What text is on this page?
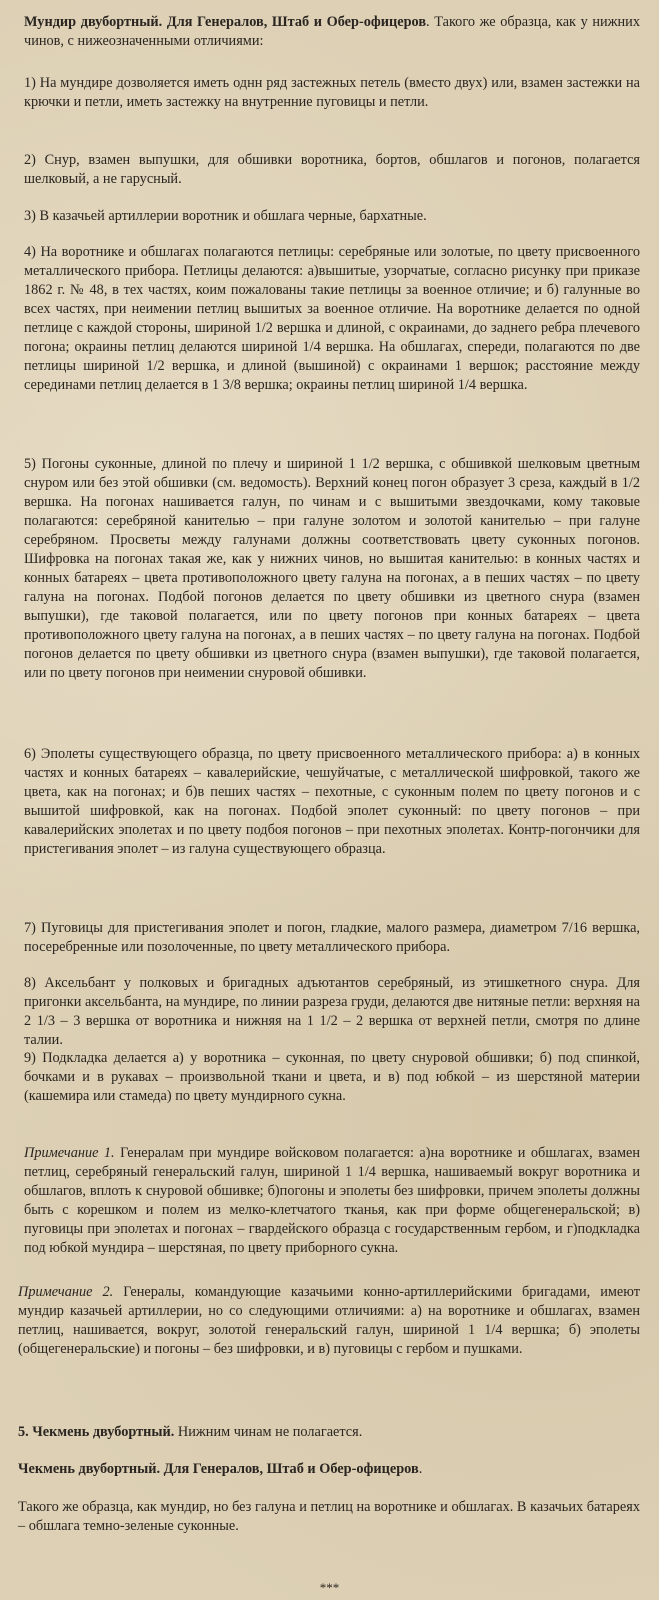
Мундир двубортный. Для Генералов, Штаб и Обер-офицеров. Такого же образца, как у нижних чинов, с нижеозначенными отличиями:
1) На мундире дозволяется иметь однн ряд застежных петель (вместо двух) или, взамен застежки на крючки и петли, иметь застежку на внутренние пуговицы и петли.
2) Снур, взамен выпушки, для обшивки воротника, бортов, обшлагов и погонов, полагается шелковый, а не гарусный.
3) В казачьей артиллерии воротник и обшлага черные, бархатные.
4) На воротнике и обшлагах полагаются петлицы: серебряные или золотые, по цвету присвоенного металлического прибора. Петлицы делаются: а)вышитые, узорчатые, согласно рисунку при приказе 1862 г. № 48, в тех частях, коим пожалованы такие петлицы за военное отличие; и б) галунные во всех частях, при неимении петлиц вышитых за военное отличие. На воротнике делается по одной петлице с каждой стороны, шириной 1/2 вершка и длиной, с окраинами, до заднего ребра плечевого погона; окраины петлиц делаются шириной 1/4 вершка. На обшлагах, спереди, полагаются по две петлицы шириной 1/2 вершка, и длиной (вышиной) с окраинами 1 вершок; расстояние между серединами петлиц делается в 1 3/8 вершка; окраины петлиц шириной 1/4 вершка.
5) Погоны суконные, длиной по плечу и шириной 1 1/2 вершка, с обшивкой шелковым цветным снуром или без этой обшивки (см. ведомость). Верхний конец погон образует 3 среза, каждый в 1/2 вершка. На погонах нашивается галун, по чинам и с вышитыми звездочками, кому таковые полагаются: серебряной канителью – при галуне золотом и золотой канителью – при галуне серебряном. Просветы между галунами должны соответствовать цвету суконных погонов. Шифровка на погонах такая же, как у нижних чинов, но вышитая канителью: в конных частях и конных батареях – цвета противоположного цвету галуна на погонах, а в пеших частях – по цвету галуна на погонах. Подбой погонов делается по цвету обшивки из цветного снура (взамен выпушки), где таковой полагается, или по цвету погонов при конных батареях – цвета противоположного цвету галуна на погонах, а в пеших частях – по цвету галуна на погонах. Подбой погонов делается по цвету обшивки из цветного снура (взамен выпушки), где таковой полагается, или по цвету погонов при неимении снуровой обшивки.
6) Эполеты существующего образца, по цвету присвоенного металлического прибора: а) в конных частях и конных батареях – кавалерийские, чешуйчатые, с металлической шифровкой, такого же цвета, как на погонах; и б)в пеших частях – пехотные, с суконным полем по цвету погонов и с вышитой шифровкой, как на погонах. Подбой эполет суконный: по цвету погонов – при кавалерийских эполетах и по цвету подбоя погонов – при пехотных эполетах. Контр-погончики для пристегивания эполет – из галуна существующего образца.
7) Пуговицы для пристегивания эполет и погон, гладкие, малого размера, диаметром 7/16 вершка, посеребренные или позолоченные, по цвету металлического прибора.
8) Аксельбант у полковых и бригадных адъютантов серебряный, из этишкетного снура. Для пригонки аксельбанта, на мундире, по линии разреза груди, делаются две нитяные петли: верхняя на 2 1/3 – 3 вершка от воротника и нижняя на 1 1/2 – 2 вершка от верхней петли, смотря по длине талии.
9) Подкладка делается а) у воротника – суконная, по цвету снуровой обшивки; б) под спинкой, бочками и в рукавах – произвольной ткани и цвета, и в) под юбкой – из шерстяной материи (кашемира или стамеда) по цвету мундирного сукна.
Примечание 1. Генералам при мундире войсковом полагается: а)на воротнике и обшлагах, взамен петлиц, серебряный генеральский галун, шириной 1 1/4 вершка, нашиваемый вокруг воротника и обшлагов, вплоть к снуровой обшивке; б)погоны и эполеты без шифровки, причем эполеты должны быть с корешком и полем из мелко-клетчатого тканья, как при форме общегенеральской; в) пуговицы при эполетах и погонах – гвардейского образца с государственным гербом, и г)подкладка под юбкой мундира – шерстяная, по цвету приборного сукна.
Примечание 2. Генералы, командующие казачьими конно-артиллерийскими бригадами, имеют мундир казачьей артиллерии, но со следующими отличиями: а) на воротнике и обшлагах, взамен петлиц, нашивается, вокруг, золотой генеральский галун, шириной 1 1/4 вершка; б) эполеты (общегенеральские) и погоны – без шифровки, и в) пуговицы с гербом и пушками.
5. Чекмень двубортный. Нижним чинам не полагается.
Чекмень двубортный. Для Генералов, Штаб и Обер-офицеров.
Такого же образца, как мундир, но без галуна и петлиц на воротнике и обшлагах. В казачьих батареях – обшлага темно-зеленые суконные.
***
